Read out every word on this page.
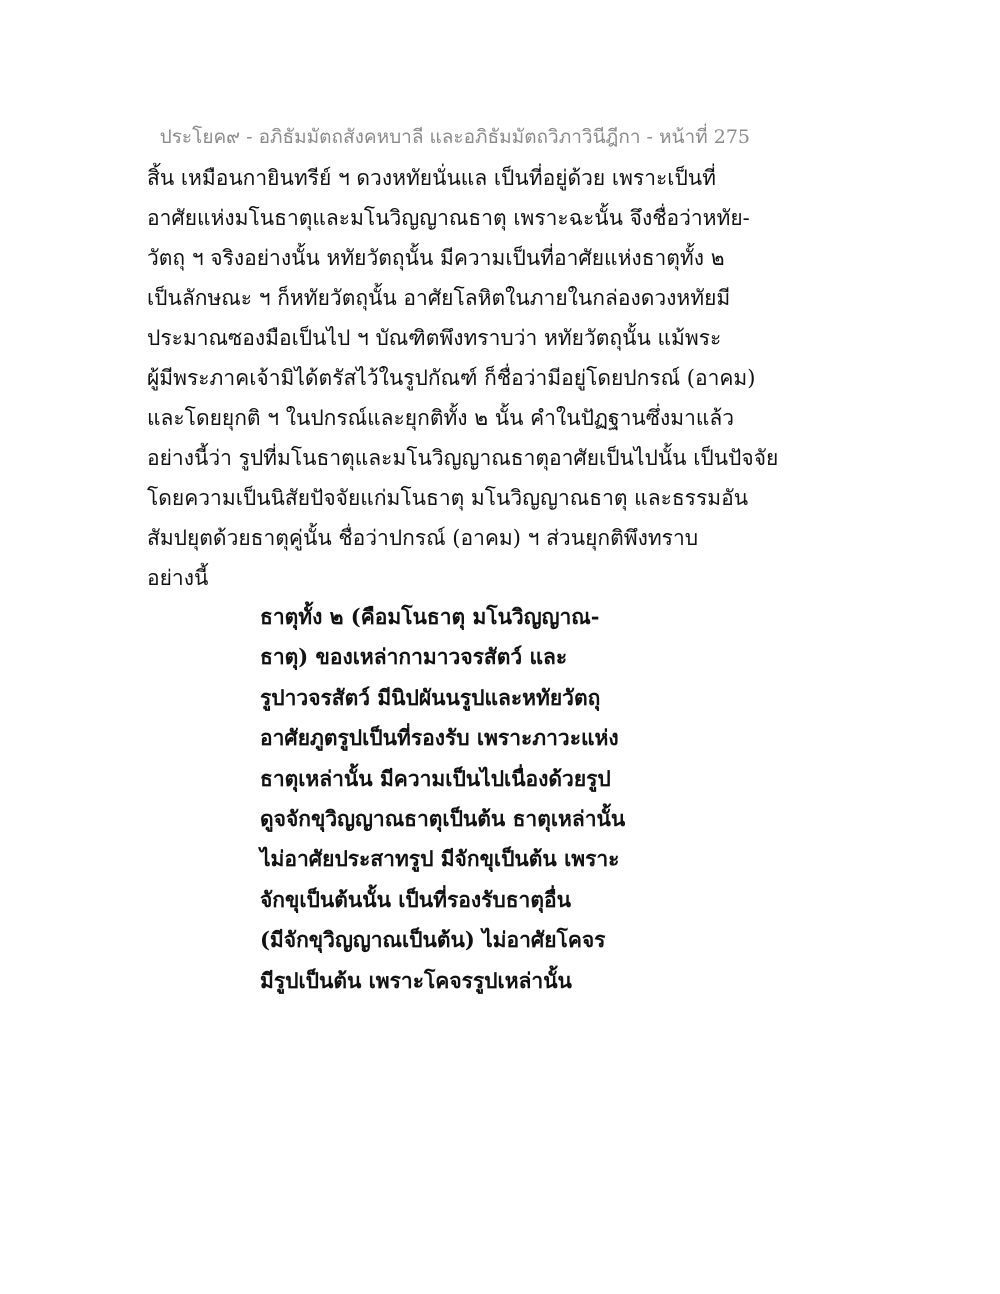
ประโยค๙ - อภิธัมมัตถสังคหบาลี และอภิธัมมัตถวิภาวินีฎีกา - หน้าที่ 275
สิ้น เหมือนกายินทรีย์ ฯ ดวงหทัยนั่นแล เป็นที่อยู่ด้วย เพราะเป็นที่
อาศัยแห่งมโนธาตุและมโนวิญญาณธาตุ เพราะฉะนั้น จึงชื่อว่าหทัย-
วัตถุ ฯ จริงอย่างนั้น หทัยวัตถุนั้น มีความเป็นที่อาศัยแห่งธาตุทั้ง ๒
เป็นลักษณะ ฯ ก็หทัยวัตถุนั้น อาศัยโลหิตในภายในกล่องดวงหทัยมี
ประมาณซองมือเป็นไป ฯ บัณฑิตพึงทราบว่า หทัยวัตถุนั้น แม้พระ
ผู้มีพระภาคเจ้ามิได้ตรัสไว้ในรูปกัณฑ์ ก็ชื่อว่ามีอยู่โดยปกรณ์ (อาคม)
และโดยยุกติ ฯ ในปกรณ์และยุกติทั้ง ๒ นั้น คำในปัฏฐานซึ่งมาแล้ว
อย่างนี้ว่า รูปที่มโนธาตุและมโนวิญญาณธาตุอาศัยเป็นไปนั้น เป็นปัจจัย
โดยความเป็นนิสัยปัจจัยแก่มโนธาตุ มโนวิญญาณธาตุ และธรรมอัน
สัมปยุตด้วยธาตุคู่นั้น ชื่อว่าปกรณ์ (อาคม) ฯ ส่วนยุกติพึงทราบ
อย่างนี้
ธาตุทั้ง ๒ (คือมโนธาตุ มโนวิญญาณ-
ธาตุ) ของเหล่ากามาวจรสัตว์ และ
รูปาวจรสัตว์ มีนิปผันนรูปและหทัยวัตถุ
อาศัยภูตรูปเป็นที่รองรับ เพราะภาวะแห่ง
ธาตุเหล่านั้น มีความเป็นไปเนื่องด้วยรูป
ดูจจักขุวิญญาณธาตุเป็นต้น ธาตุเหล่านั้น
ไม่อาศัยประสาทรูป มีจักขุเป็นต้น เพราะ
จักขุเป็นต้นนั้น เป็นที่รองรับธาตุอื่น
(มีจักขุวิญญาณเป็นต้น) ไม่อาศัยโคจร
มีรูปเป็นต้น เพราะโคจรรูปเหล่านั้น
